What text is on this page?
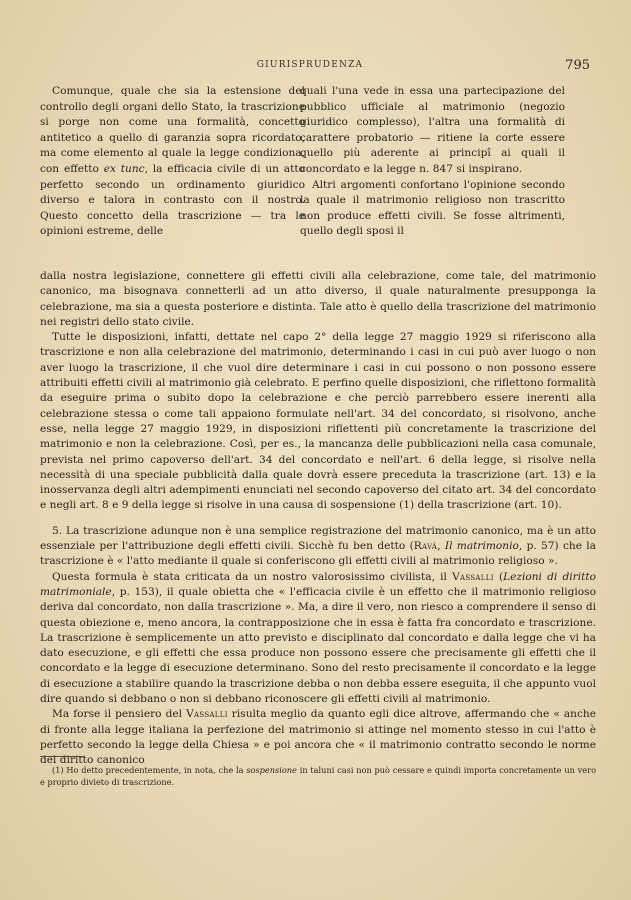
GIURISPRUDENZA	795

Comunque, quale che sia la estensione del controllo degli organi dello Stato, la trascrizione si porge non come una formalità, concetto antitetico a quello di garanzia sopra ricordato, ma come elemento al quale la legge condiziona, con effetto ex tunc, la efficacia civile di un atto perfetto secondo un ordinamento giuridico diverso e talora in contrasto con il nostro. Questo concetto della trascrizione — tra le opinioni estreme, delle

quali l'una vede in essa una partecipazione del pubblico ufficiale al matrimonio (negozio giuridico complesso), l'altra una formalità di carattere probatorio — ritiene la corte essere quello più aderente ai principî ai quali il concordato e la legge n. 847 si inspirano.

Altri argomenti confortano l'opinione secondo la quale il matrimonio religioso non trascritto non produce effetti civili. Se fosse altrimenti, quello degli sposi il

dalla nostra legislazione, connettere gli effetti civili alla celebrazione, come tale, del matrimonio canonico, ma bisognava connetterli ad un atto diverso, il quale naturalmente presupponga la celebrazione, ma sia a questa posteriore e distinta. Tale atto è quello della trascrizione del matrimonio nei registri dello stato civile.

Tutte le disposizioni, infatti, dettate nel capo 2° della legge 27 maggio 1929 si riferiscono alla trascrizione e non alla celebrazione del matrimonio, determinando i casi in cui può aver luogo o non aver luogo la trascrizione, il che vuol dire determinare i casi in cui possono o non possono essere attribuiti effetti civili al matrimonio già celebrato. E perfino quelle disposizioni, che riflettono formalità da eseguire prima o subito dopo la celebrazione e che perciò parrebbero essere inerenti alla celebrazione stessa o come tali appaiono formulate nell'art. 34 del concordato, si risolvono, anche esse, nella legge 27 maggio 1929, in disposizioni riflettenti più concretamente la trascrizione del matrimonio e non la celebrazione. Così, per es., la mancanza delle pubblicazioni nella casa comunale, prevista nel primo capoverso dell'art. 34 del concordato e nell'art. 6 della legge, si risolve nella necessità di una speciale pubblicità dalla quale dovrà essere preceduta la trascrizione (art. 13) e la inosservanza degli altri adempimenti enunciati nel secondo capoverso del citato art. 34 del concordato e negli art. 8 e 9 della legge si risolve in una causa di sospensione (1) della trascrizione (art. 10).

5. La trascrizione adunque non è una semplice registrazione del matrimonio canonico, ma è un atto essenziale per l'attribuzione degli effetti civili. Sicchè fu ben detto (Ravà, Il matrimonio, p. 57) che la trascrizione è « l'atto mediante il quale si conferiscono gli effetti civili al matrimonio religioso ».

Questa formula è stata criticata da un nostro valorosissimo civilista, il Vassalli (Lezioni di diritto matrimoniale, p. 153), il quale obietta che « l'efficacia civile è un effetto che il matrimonio religioso deriva dal concordato, non dalla trascrizione ». Ma, a dire il vero, non riesco a comprendere il senso di questa obiezione e, meno ancora, la contrapposizione che in essa è fatta fra concordato e trascrizione. La trascrizione è semplicemente un atto previsto e disciplinato dal concordato e dalla legge che vi ha dato esecuzione, e gli effetti che essa produce non possono essere che precisamente gli effetti che il concordato e la legge di esecuzione determinano. Sono del resto precisamente il concordato e la legge di esecuzione a stabilire quando la trascrizione debba o non debba essere eseguita, il che appunto vuol dire quando si debbano o non si debbano riconoscere gli effetti civili al matrimonio.

Ma forse il pensiero del Vassalli risulta meglio da quanto egli dice altrove, affermando che « anche di fronte alla legge italiana la perfezione del matrimonio si attinge nel momento stesso in cui l'atto è perfetto secondo la legge della Chiesa » e poi ancora che « il matrimonio contratto secondo le norme del diritto canonico

(1) Ho detto precedentemente, in nota, che la sospensione in taluni casi non può cessare e quindi importa concretamente un vero e proprio divieto di trascrizione.
